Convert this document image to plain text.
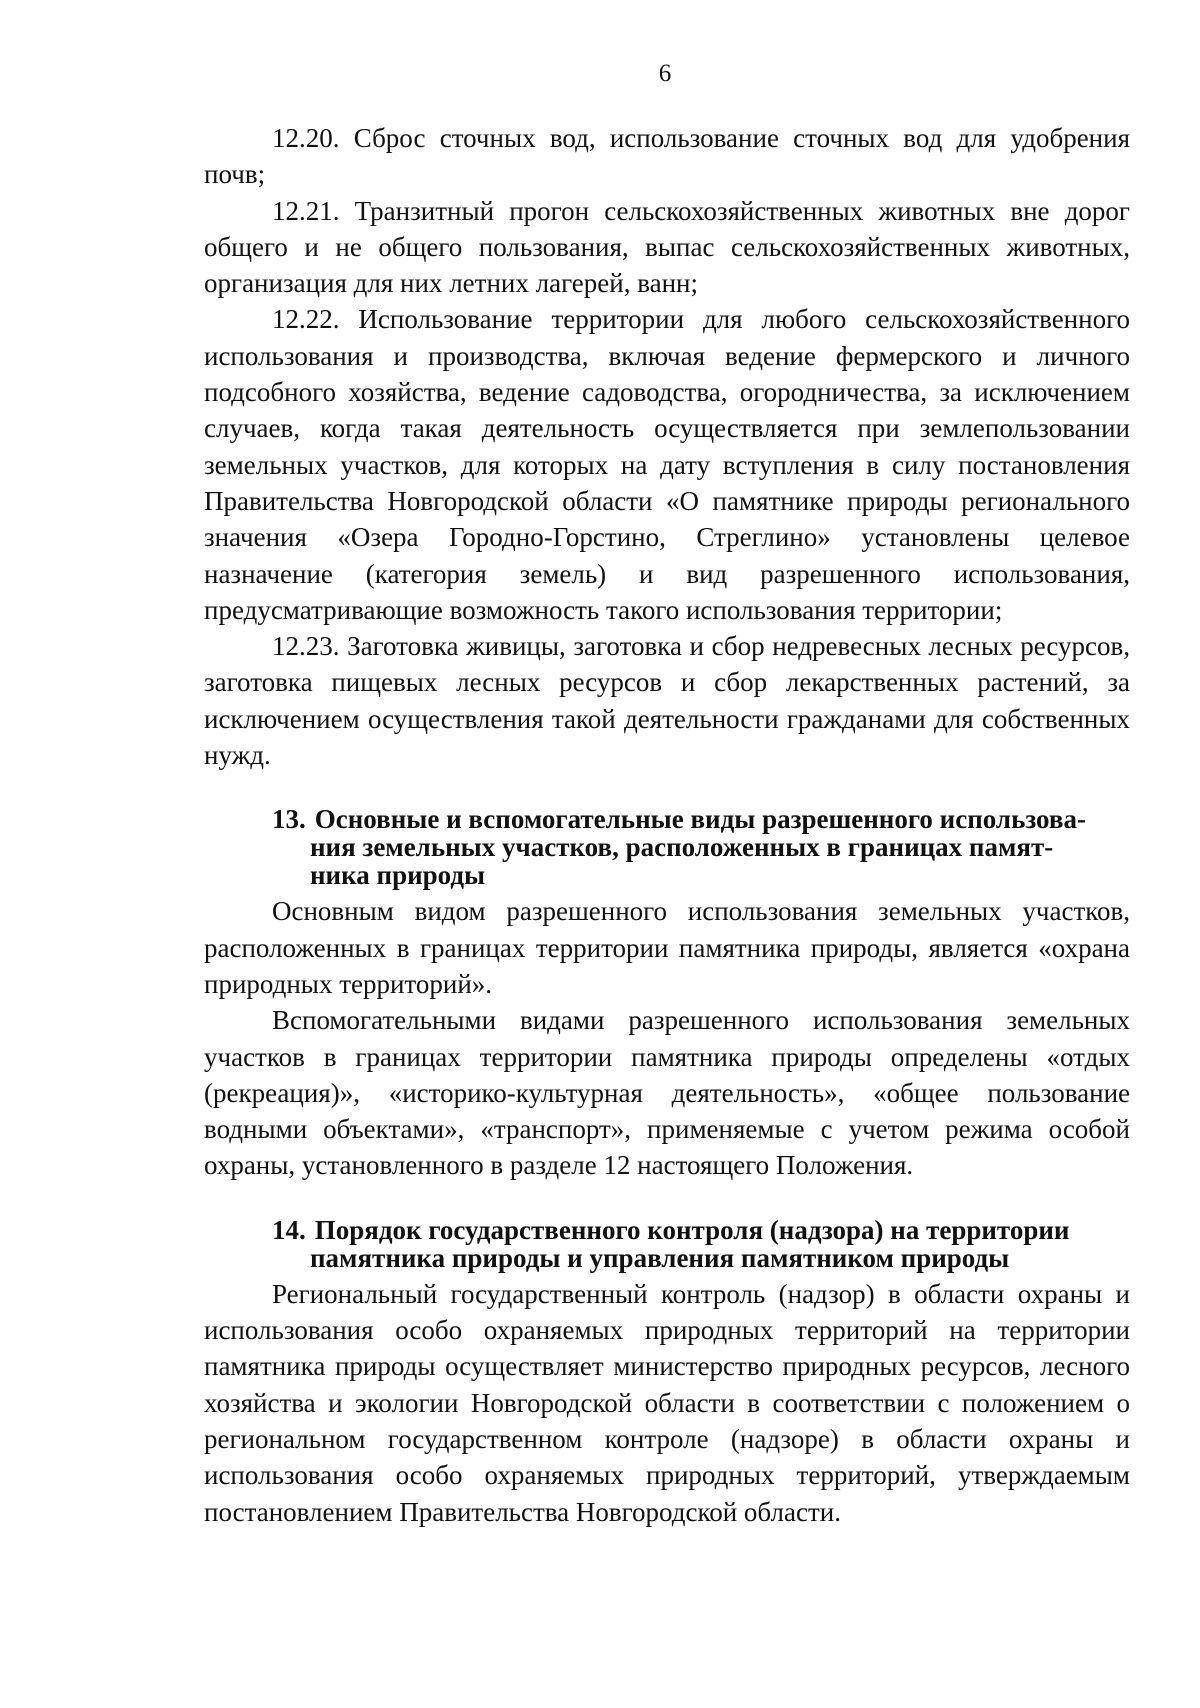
6

12.20. Сброс сточных вод, использование сточных вод для удобрения почв;

12.21. Транзитный прогон сельскохозяйственных животных вне дорог общего и не общего пользования, выпас сельскохозяйственных животных, организация для них летних лагерей, ванн;

12.22. Использование территории для любого сельскохозяйственного использования и производства, включая ведение фермерского и личного подсобного хозяйства, ведение садоводства, огородничества, за исключением случаев, когда такая деятельность осуществляется при землепользовании земельных участков, для которых на дату вступления в силу постановления Правительства Новгородской области «О памятнике природы регионального значения «Озера Городно-Горстино, Стреглино» установлены целевое назначение (категория земель) и вид разрешенного использования, предусматривающие возможность такого использования территории;

12.23. Заготовка живицы, заготовка и сбор недревесных лесных ресурсов, заготовка пищевых лесных ресурсов и сбор лекарственных растений, за исключением осуществления такой деятельности гражданами для собственных нужд.

13. Основные и вспомогательные виды разрешенного использова-
ния земельных участков, расположенных в границах памят-
ника природы

Основным видом разрешенного использования земельных участков, расположенных в границах территории памятника природы, является «охрана природных территорий».

Вспомогательными видами разрешенного использования земельных участков в границах территории памятника природы определены «отдых (рекреация)», «историко-культурная деятельность», «общее пользование водными объектами», «транспорт», применяемые с учетом режима особой охраны, установленного в разделе 12 настоящего Положения.

14. Порядок государственного контроля (надзора) на территории
памятника природы и управления памятником природы

Региональный государственный контроль (надзор) в области охраны и использования особо охраняемых природных территорий на территории памятника природы осуществляет министерство природных ресурсов, лесного хозяйства и экологии Новгородской области в соответствии с положением о региональном государственном контроле (надзоре) в области охраны и использования особо охраняемых природных территорий, утверждаемым постановлением Правительства Новгородской области.
